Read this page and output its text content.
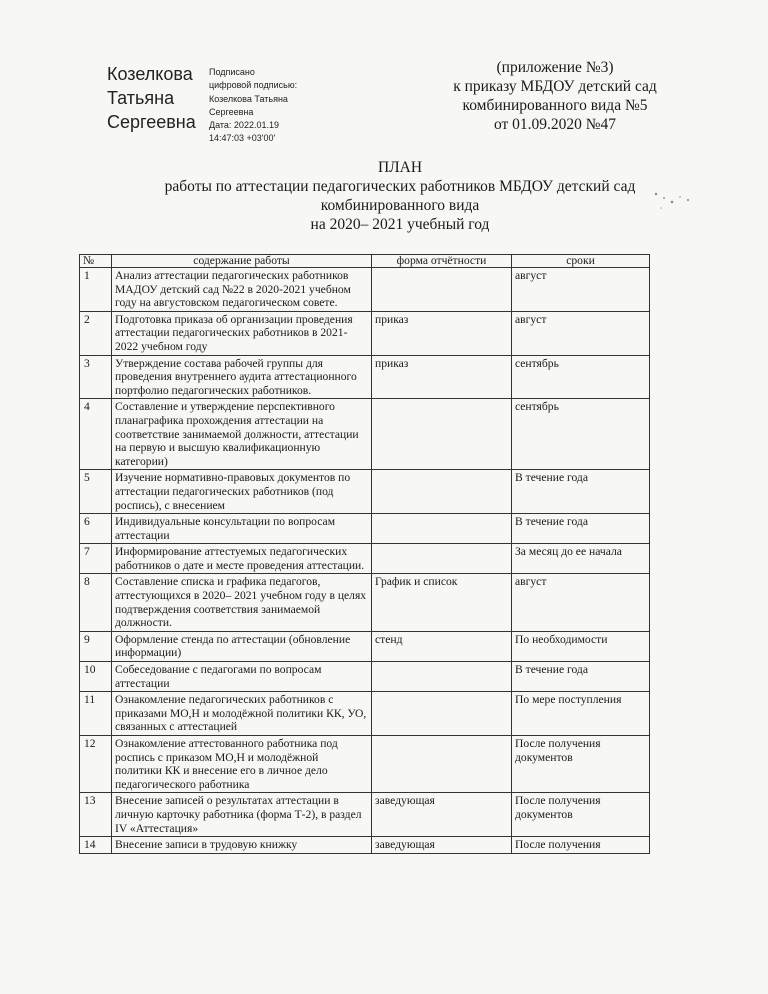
Козелкова
Татьяна
Сергеевна
Подписано
цифровой подписью:
Козелкова Татьяна
Сергеевна
Дата: 2022.01.19
14:47:03 +03'00'
(приложение №3)
к приказу МБДОУ детский сад
комбинированного вида №5
от 01.09.2020 №47
ПЛАН
работы по аттестации педагогических работников МБДОУ детский сад
комбинированного вида
на 2020– 2021 учебный год
№	содержание работы	форма отчётности	сроки
1	Анализ аттестации педагогических работников МАДОУ детский сад №22 в 2020-2021 учебном году на августовском педагогическом совете.		август
2	Подготовка приказа об организации проведения аттестации педагогических работников в 2021-2022 учебном году	приказ	август
3	Утверждение состава рабочей группы для проведения внутреннего аудита аттестационного портфолио педагогических работников.	приказ	сентябрь
4	Составление и утверждение перспективного планаграфика прохождения аттестации на соответствие занимаемой должности, аттестации на первую и высшую квалификационную категории)		сентябрь
5	Изучение нормативно-правовых документов по аттестации педагогических работников (под роспись), с внесением		В течение года
6	Индивидуальные консультации по вопросам аттестации		В течение года
7	Информирование аттестуемых педагогических работников о дате и месте проведения аттестации.		За месяц до ее начала
8	Составление списка и графика педагогов, аттестующихся в 2020– 2021 учебном году в целях подтверждения соответствия занимаемой должности.	График и список	август
9	Оформление стенда по аттестации (обновление информации)	стенд	По необходимости
10	Собеседование с педагогами по вопросам аттестации		В течение года
11	Ознакомление педагогических работников с приказами МО,Н и молодёжной политики КК, УО, связанных с аттестацией		По мере поступления
12	Ознакомление аттестованного работника под роспись с приказом МО,Н и молодёжной политики КК и внесение его в личное дело педагогического работника		После получения документов
13	Внесение записей о результатах аттестации в личную карточку работника (форма Т-2), в раздел IV «Аттестация»	заведующая	После получения документов
14	Внесение записи в трудовую книжку	заведующая	После получения
